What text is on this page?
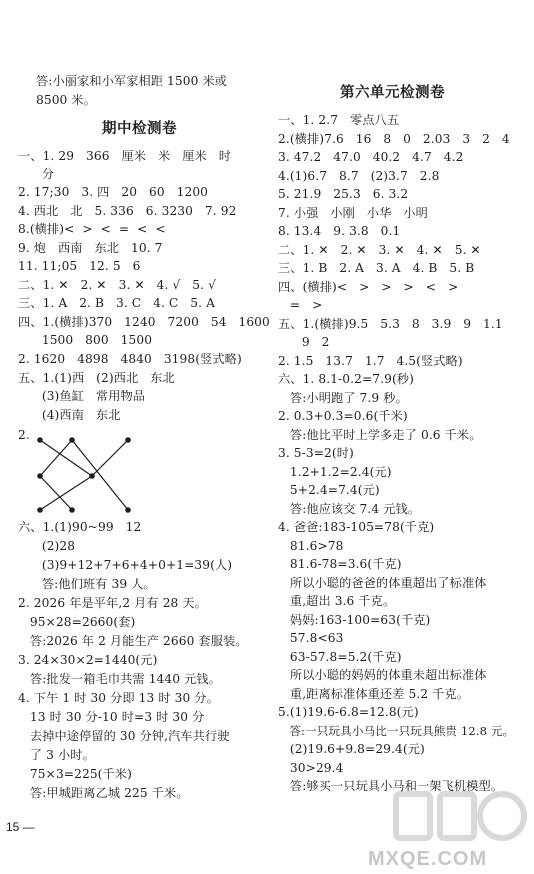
答:小丽家和小军家相距 1500 米或
8500 米。
期中检测卷
一、1. 29   366   厘米   米   厘米   时
分
2. 17;30   3. 四   20   60   1200
4. 西北   北   5. 336   6. 3230   7. 92
8.(横排)<  >  <  =  <  <
9. 炮   西南   东北   10. 7
11. 11;05   12. 5   6
二、1. ✕   2. ✕   3. ✕   4. √   5. √
三、1. A   2. B   3. C   4. C   5. A
四、1.(横排)370   1240   7200   54   1600
1500   800   1500
2. 1620   4898   4840   3198(竖式略)
五、1.(1)西   (2)西北   东北
(3)鱼缸   常用物品
(4)西南   东北
2.
六、1.(1)90~99   12
(2)28
(3)9+12+7+6+4+0+1=39(人)
答:他们班有 39 人。
2. 2026 年是平年,2 月有 28 天。
95×28=2660(套)
答:2026 年 2 月能生产 2660 套服装。
3. 24×30×2=1440(元)
答:批发一箱毛巾共需 1440 元钱。
4. 下午 1 时 30 分即 13 时 30 分。
13 时 30 分-10 时=3 时 30 分
去掉中途停留的 30 分钟,汽车共行驶
了 3 小时。
75×3=225(千米)
答:甲城距离乙城 225 千米。
15 —
第六单元检测卷
一、1. 2.7   零点八五
2.(横排)7.6   16   8   0   2.03   3   2   4
3. 47.2   47.0   40.2   4.7   4.2
4.(1)6.7   8.7   (2)3.7   2.8
5. 21.9   25.3   6. 3.2
7. 小强   小刚   小华   小明
8. 13.4   9. 3.8   0.1
二、1. ✕   2. ✕   3. ✕   4. ✕   5. ✕
三、1. B   2. A   3. A   4. B   5. B
四、(横排)<   >   >   >   <   >
=   >
五、1.(横排)9.5   5.3   8   3.9   9   1.1
9   2
2. 1.5   13.7   1.7   4.5(竖式略)
六、1. 8.1-0.2=7.9(秒)
答:小明跑了 7.9 秒。
2. 0.3+0.3=0.6(千米)
答:他比平时上学多走了 0.6 千米。
3. 5-3=2(时)
1.2+1.2=2.4(元)
5+2.4=7.4(元)
答:他应该交 7.4 元钱。
4. 爸爸:183-105=78(千克)
81.6>78
81.6-78=3.6(千克)
所以小聪的爸爸的体重超出了标准体
重,超出 3.6 千克。
妈妈:163-100=63(千克)
57.8<63
63-57.8=5.2(千克)
所以小聪的妈妈的体重未超出标准体
重,距离标准体重还差 5.2 千克。
5.(1)19.6-6.8=12.8(元)
答:一只玩具小马比一只玩具熊贵 12.8 元。
(2)19.6+9.8=29.4(元)
30>29.4
答:够买一只玩具小马和一架飞机模型。
MXQE.COM
